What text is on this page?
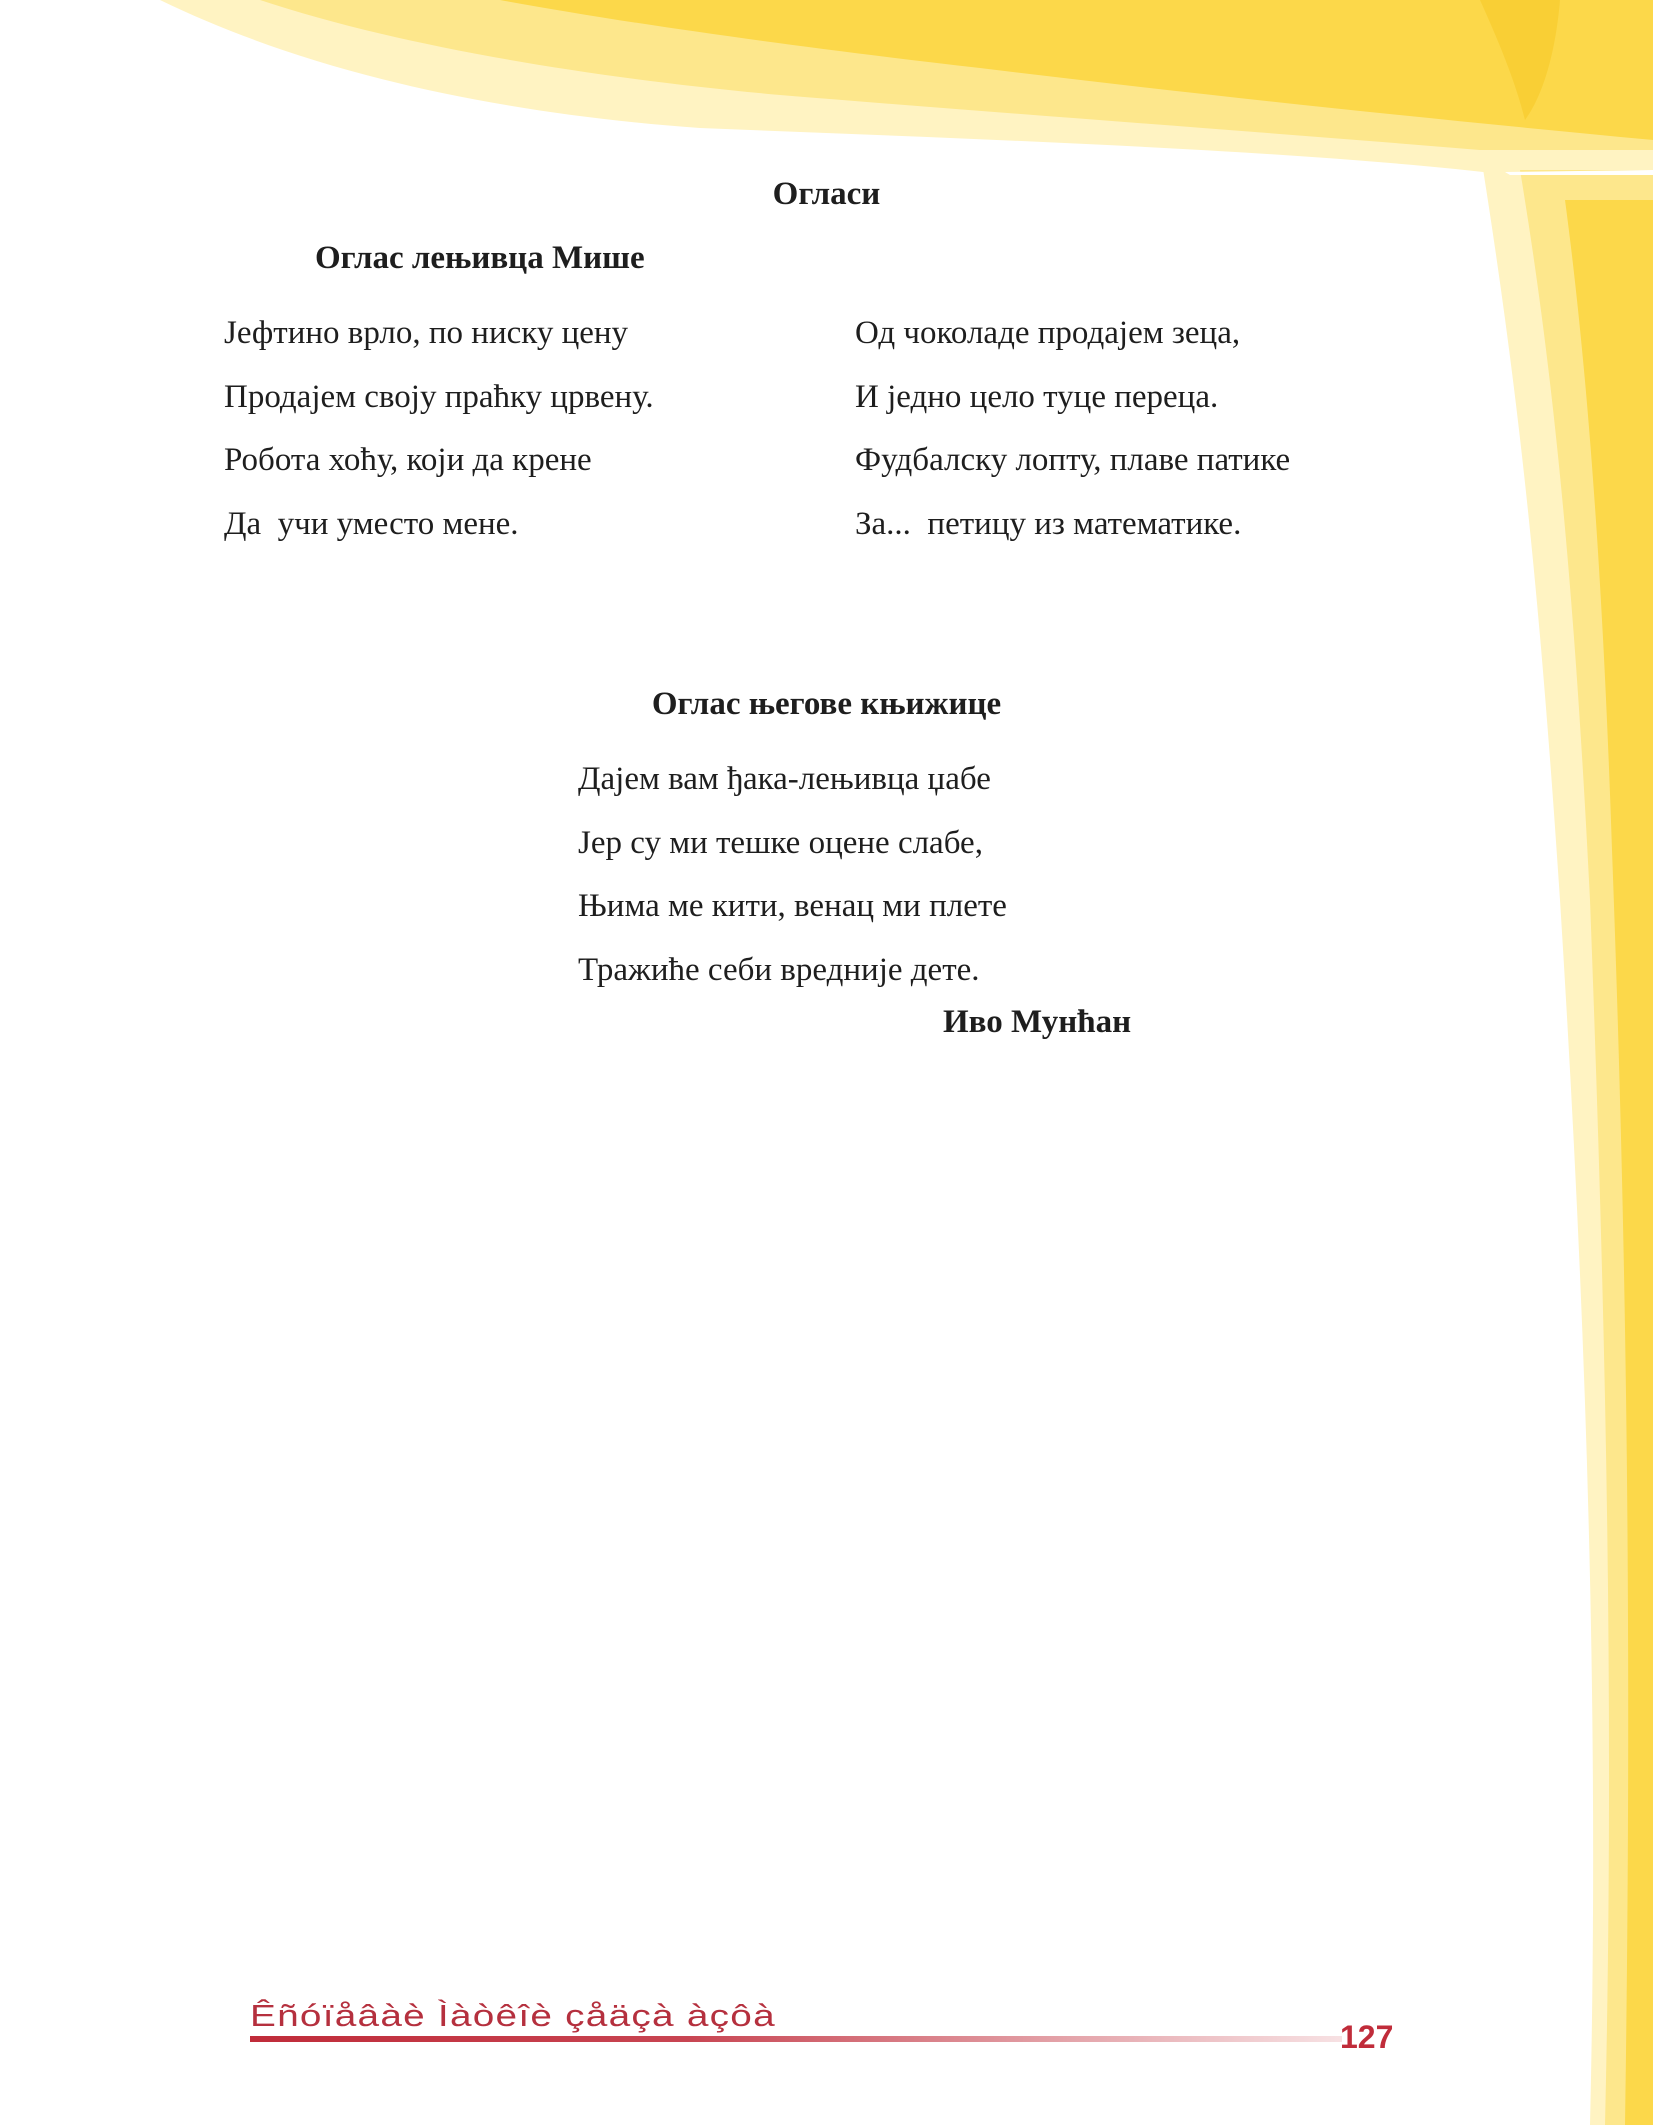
Огласи
Оглас лењивца Мише
Јефтино врло, по ниску цену
Продајем своју праћку црвену.
Робота хоћу, који да крене
Да  учи уместо мене.
Од чоколаде продајем зеца,
И једно цело туце переца.
Фудбалску лопту, плаве патике
За...  петицу из математике.
Оглас његове књижице
Дајем вам ђака-лењивца џабе
Јер су ми тешке оцене слабе,
Њима ме кити, венац ми плете
Тражиће себи вредније дете.
Иво Мунћан
Êñóïåâàè Ìàòêîè çåäçà àçôà
127
